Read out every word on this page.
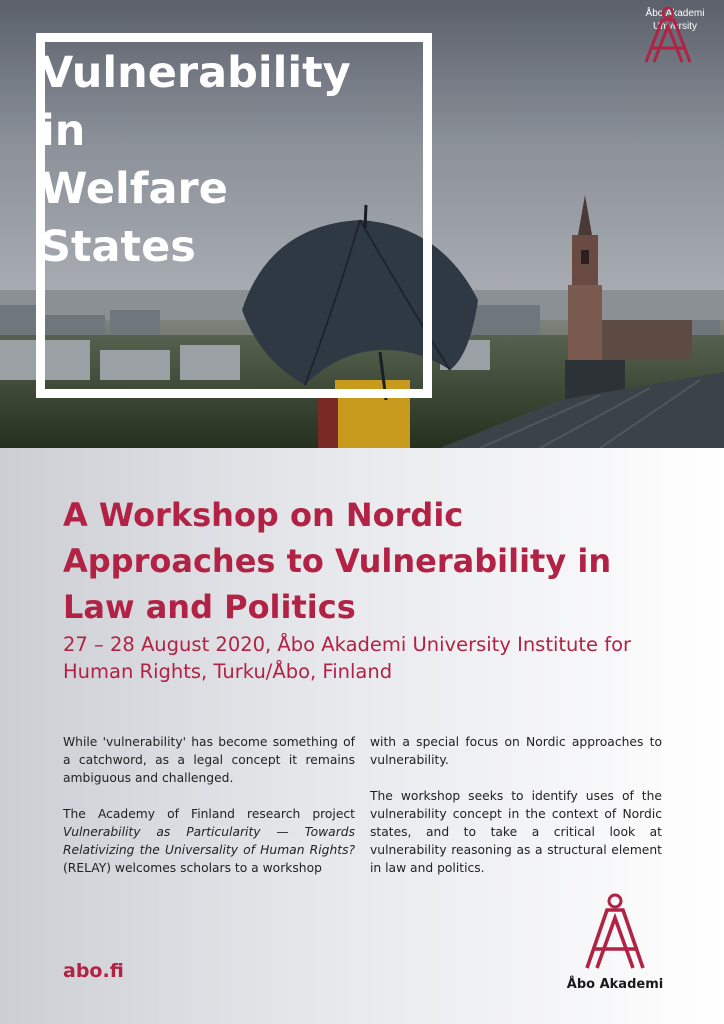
Vulnerability
in
Welfare
States
Åbo Akademi
University
A Workshop on Nordic
Approaches to Vulnerability in
Law and Politics

27 – 28 August 2020, Åbo Akademi University Institute for Human Rights, Turku/Åbo, Finland

While 'vulnerability' has become something of a catchword, as a legal concept it remains ambiguous and challenged.

The Academy of Finland research project Vulnerability as Particularity — Towards Relativizing the Universality of Human Rights? (RELAY) welcomes scholars to a workshop

with a special focus on Nordic approaches to vulnerability.

The workshop seeks to identify uses of the vulnerability concept in the context of Nordic states, and to take a critical look at vulnerability reasoning as a structural element in law and politics.

abo.fi
Åbo Akademi
